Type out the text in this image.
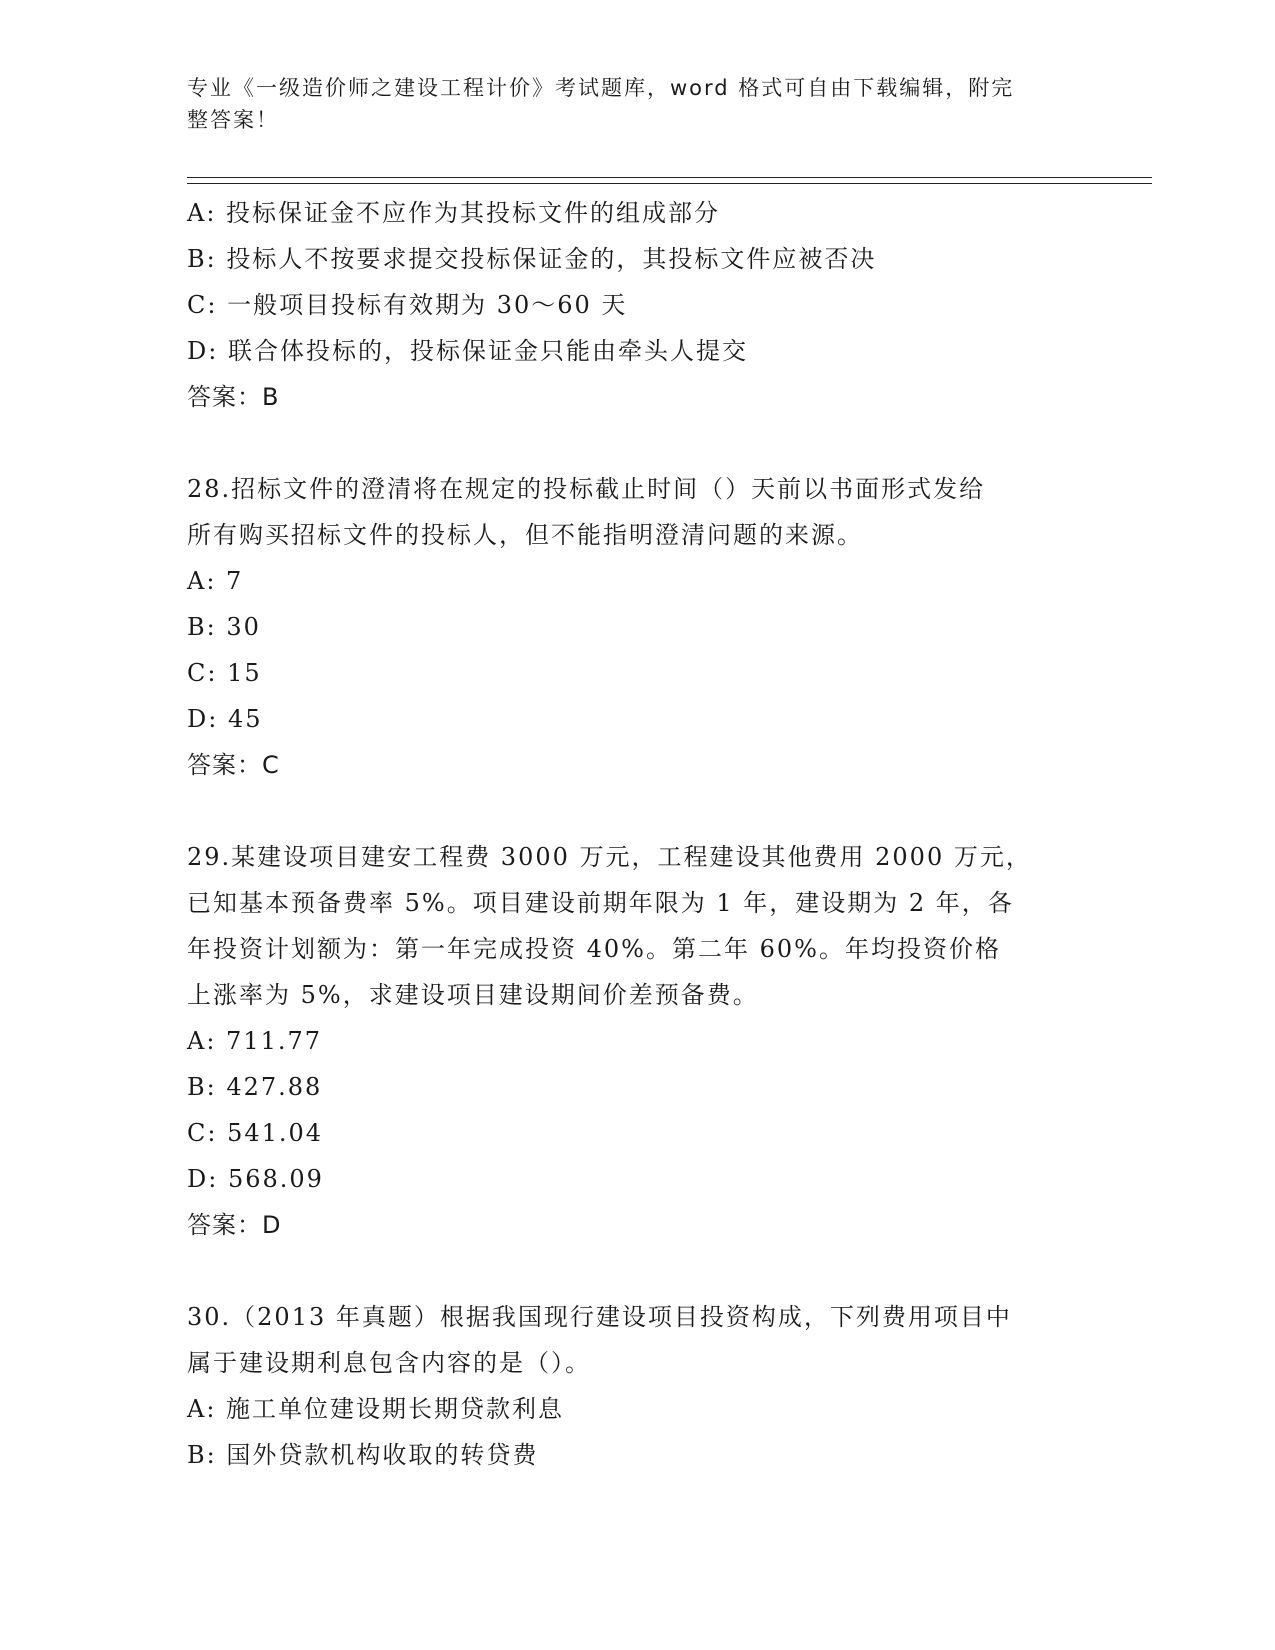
专业《一级造价师之建设工程计价》考试题库，word 格式可自由下载编辑，附完
整答案！
A: 投标保证金不应作为其投标文件的组成部分
B: 投标人不按要求提交投标保证金的，其投标文件应被否决
C: 一般项目投标有效期为 30～60 天
D: 联合体投标的，投标保证金只能由牵头人提交
答案：B
28.招标文件的澄清将在规定的投标截止时间（）天前以书面形式发给
所有购买招标文件的投标人，但不能指明澄清问题的来源。
A: 7
B: 30
C: 15
D: 45
答案：C
29.某建设项目建安工程费 3000 万元，工程建设其他费用 2000 万元，
已知基本预备费率 5%。项目建设前期年限为 1 年，建设期为 2 年，各
年投资计划额为：第一年完成投资 40%。第二年 60%。年均投资价格
上涨率为 5%，求建设项目建设期间价差预备费。
A: 711.77
B: 427.88
C: 541.04
D: 568.09
答案：D
30.（2013 年真题）根据我国现行建设项目投资构成，下列费用项目中
属于建设期利息包含内容的是（）。
A: 施工单位建设期长期贷款利息
B: 国外贷款机构收取的转贷费
